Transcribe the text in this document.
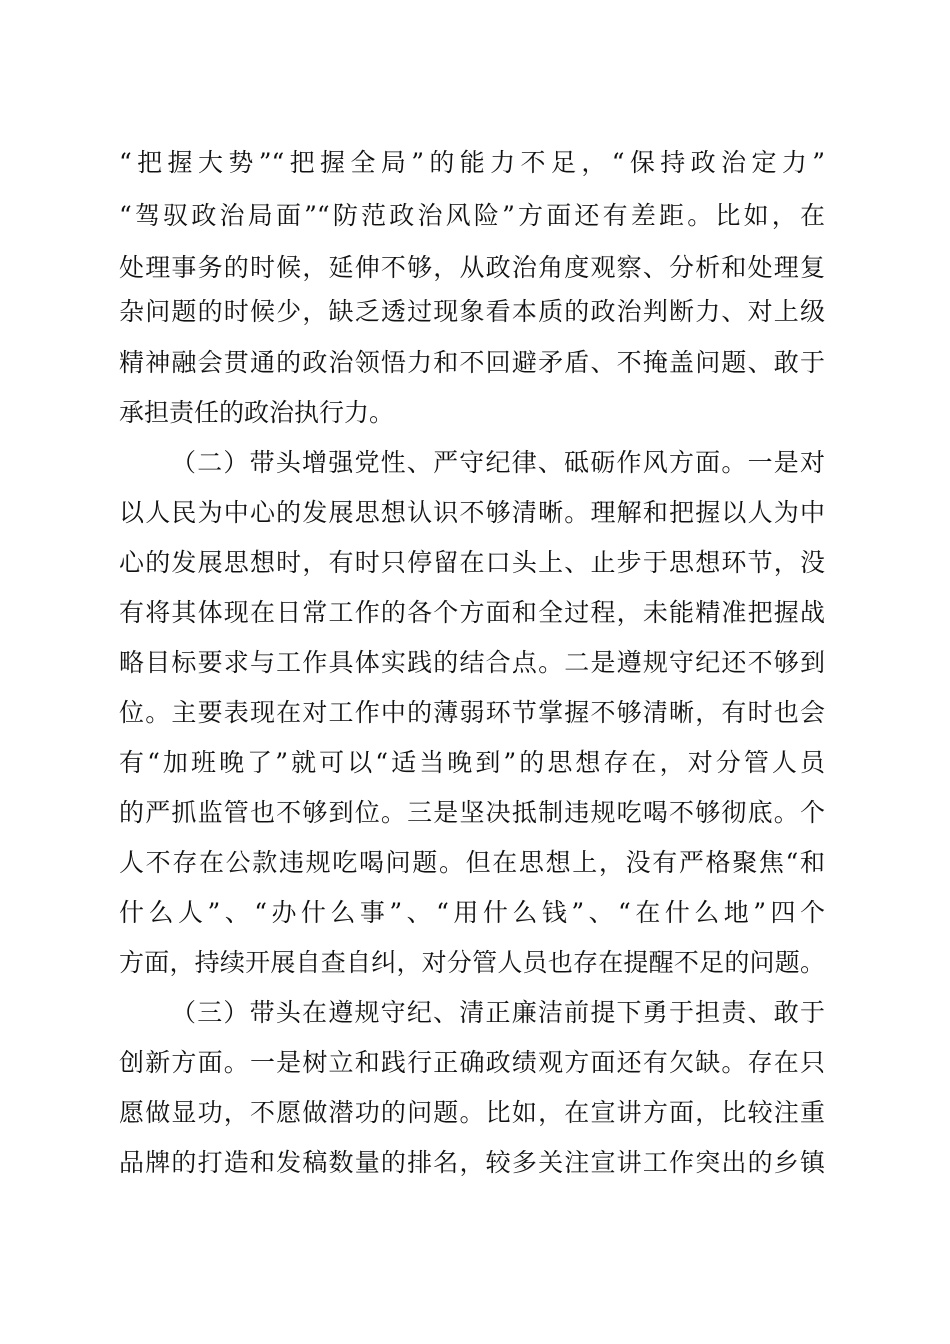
“把握大势”“把握全局”的能力不足，“保持政治定力”
“驾驭政治局面”“防范政治风险”方面还有差距。比如，在
处理事务的时候，延伸不够，从政治角度观察、分析和处理复
杂问题的时候少，缺乏透过现象看本质的政治判断力、对上级
精神融会贯通的政治领悟力和不回避矛盾、不掩盖问题、敢于
承担责任的政治执行力。
（二）带头增强党性、严守纪律、砥砺作风方面。一是对
以人民为中心的发展思想认识不够清晰。理解和把握以人为中
心的发展思想时，有时只停留在口头上、止步于思想环节，没
有将其体现在日常工作的各个方面和全过程，未能精准把握战
略目标要求与工作具体实践的结合点。二是遵规守纪还不够到
位。主要表现在对工作中的薄弱环节掌握不够清晰，有时也会
有“加班晚了”就可以“适当晚到”的思想存在，对分管人员
的严抓监管也不够到位。三是坚决抵制违规吃喝不够彻底。个
人不存在公款违规吃喝问题。但在思想上，没有严格聚焦“和
什么人”、“办什么事”、“用什么钱”、“在什么地”四个
方面，持续开展自查自纠，对分管人员也存在提醒不足的问题。
（三）带头在遵规守纪、清正廉洁前提下勇于担责、敢于
创新方面。一是树立和践行正确政绩观方面还有欠缺。存在只
愿做显功，不愿做潜功的问题。比如，在宣讲方面，比较注重
品牌的打造和发稿数量的排名，较多关注宣讲工作突出的乡镇
